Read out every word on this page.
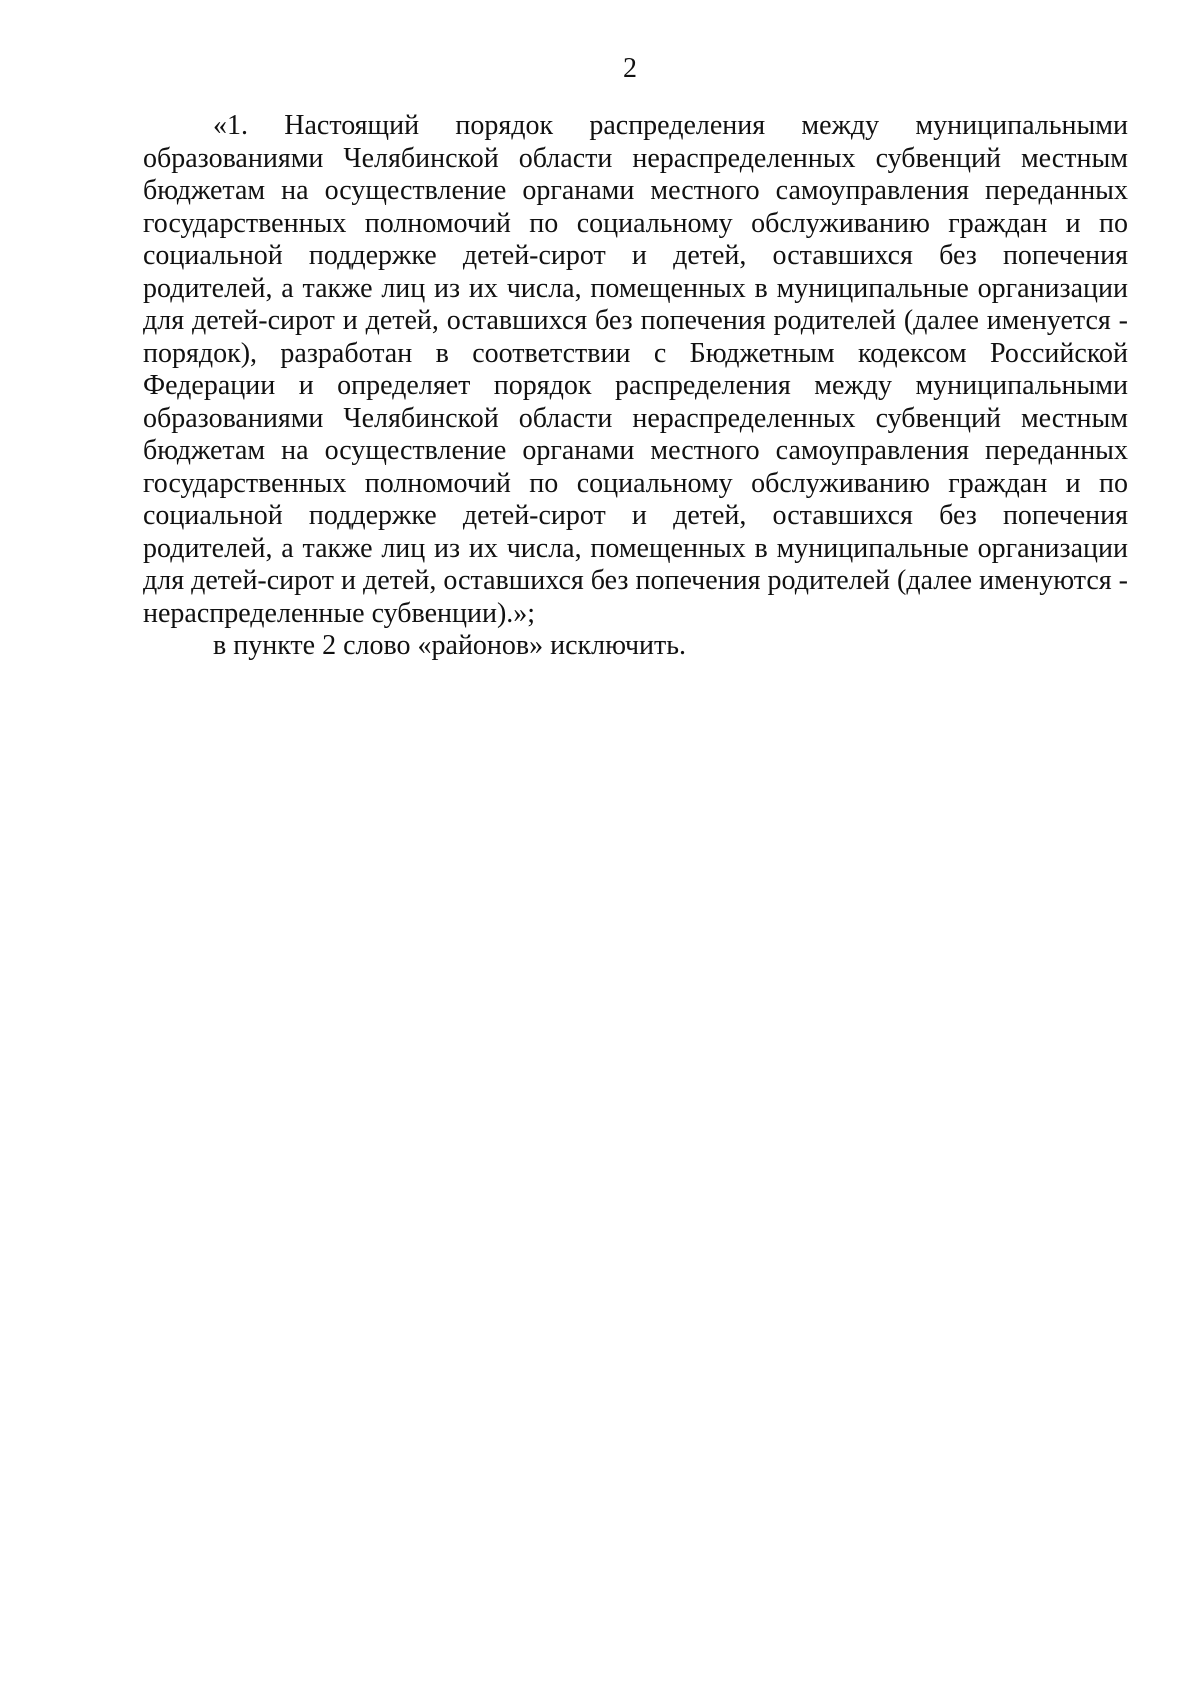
2

«1. Настоящий порядок распределения между муниципальными образованиями Челябинской области нераспределенных субвенций местным бюджетам на осуществление органами местного самоуправления переданных государственных полномочий по социальному обслуживанию граждан и по социальной поддержке детей-сирот и детей, оставшихся без попечения родителей, а также лиц из их числа, помещенных в муниципальные организации для детей-сирот и детей, оставшихся без попечения родителей (далее именуется - порядок), разработан в соответствии с Бюджетным кодексом Российской Федерации и определяет порядок распределения между муниципальными образованиями Челябинской области нераспределенных субвенций местным бюджетам на осуществление органами местного самоуправления переданных государственных полномочий по социальному обслуживанию граждан и по социальной поддержке детей-сирот и детей, оставшихся без попечения родителей, а также лиц из их числа, помещенных в муниципальные организации для детей-сирот и детей, оставшихся без попечения родителей (далее именуются - нераспределенные субвенции).»;

в пункте 2 слово «районов» исключить.
